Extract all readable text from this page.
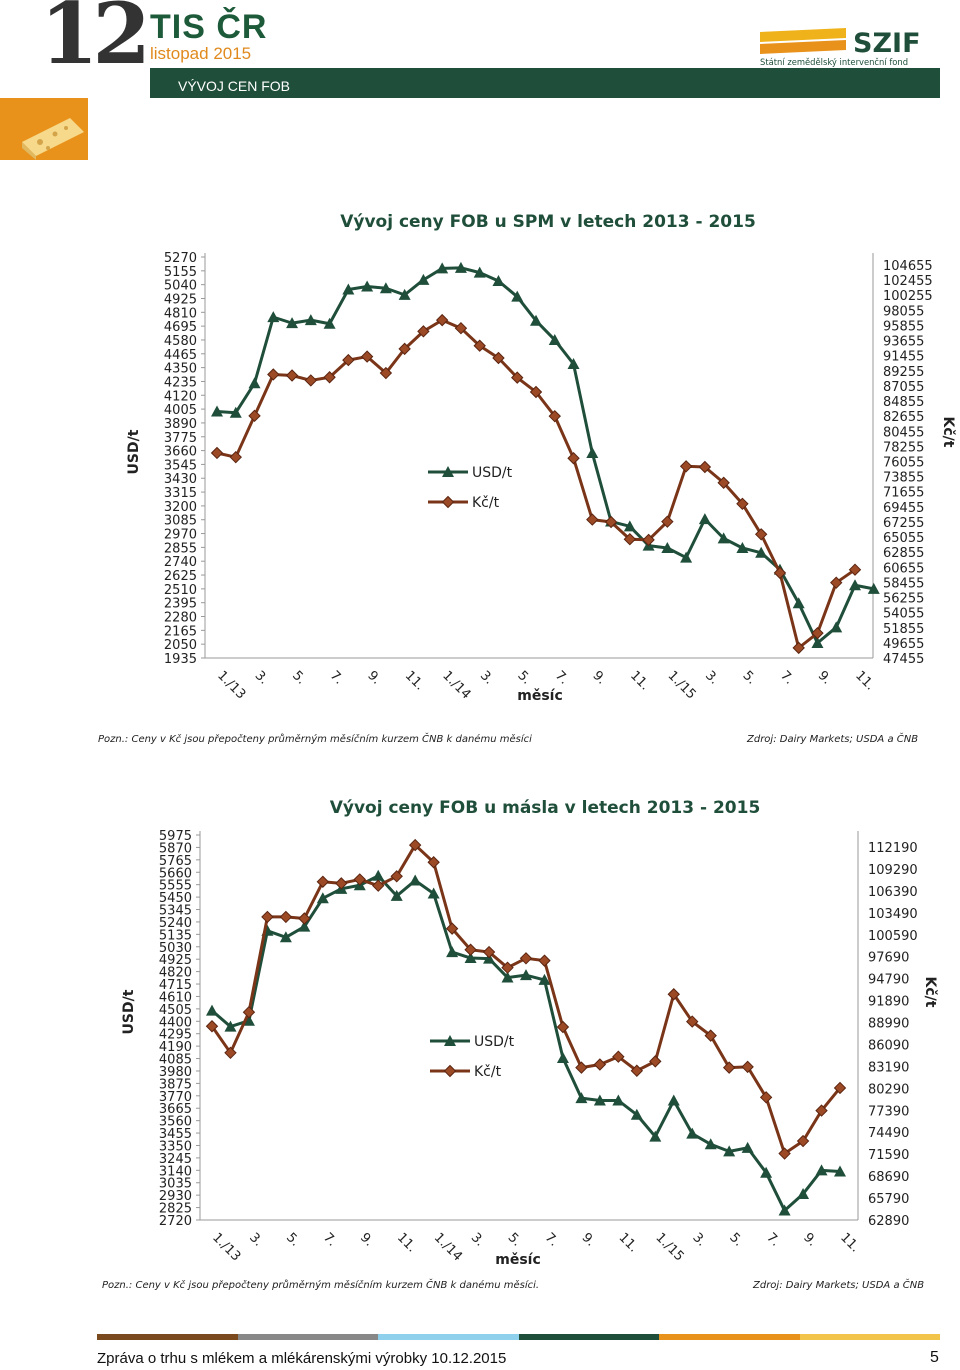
12 TIS ČR
listopad 2015
VÝVOJ CEN FOB
SZIF
Státní zemědělský intervenční fond
Vývoj ceny FOB u SPM v letech 2013 - 2015
5270
5155
5040
4925
4810
4695
4580
4465
4350
4235
4120
4005
3890
3775
3660
3545
3430
3315
3200
3085
2970
2855
2740
2625
2510
2395
2280
2165
2050
1935
104655
102455
100255
98055
95855
93655
91455
89255
87055
84855
82655
80455
78255
76055
73855
71655
69455
67255
65055
62855
60655
58455
56255
54055
51855
49655
47455
1./13 3. 5. 7. 9. 11. 1./14 3. 5. 7. 9. 11. 1./15 3. 5. 7. 9. 11.
USD/t	Kč/t
měsíc
USD/t
Kč/t
Pozn.: Ceny v Kč jsou přepočteny průměrným měsíčním kurzem ČNB k danému měsíci	Zdroj: Dairy Markets; USDA a ČNB
Vývoj ceny FOB u másla v letech 2013 - 2015
5975
5870
5765
5660
5555
5450
5345
5240
5135
5030
4925
4820
4715
4610
4505
4400
4295
4190
4085
3980
3875
3770
3665
3560
3455
3350
3245
3140
3035
2930
2825
2720
112190
109290
106390
103490
100590
97690
94790
91890
88990
86090
83190
80290
77390
74490
71590
68690
65790
62890
1./13 3. 5. 7. 9. 11. 1./14 3. 5. 7. 9. 11. 1./15 3. 5. 7. 9. 11.
USD/t	Kč/t
měsíc
USD/t
Kč/t
Pozn.: Ceny v Kč jsou přepočteny průměrným měsíčním kurzem ČNB k danému měsíci.	Zdroj: Dairy Markets; USDA a ČNB
Zpráva o trhu s mlékem a mlékárenskými výrobky 10.12.2015	5
